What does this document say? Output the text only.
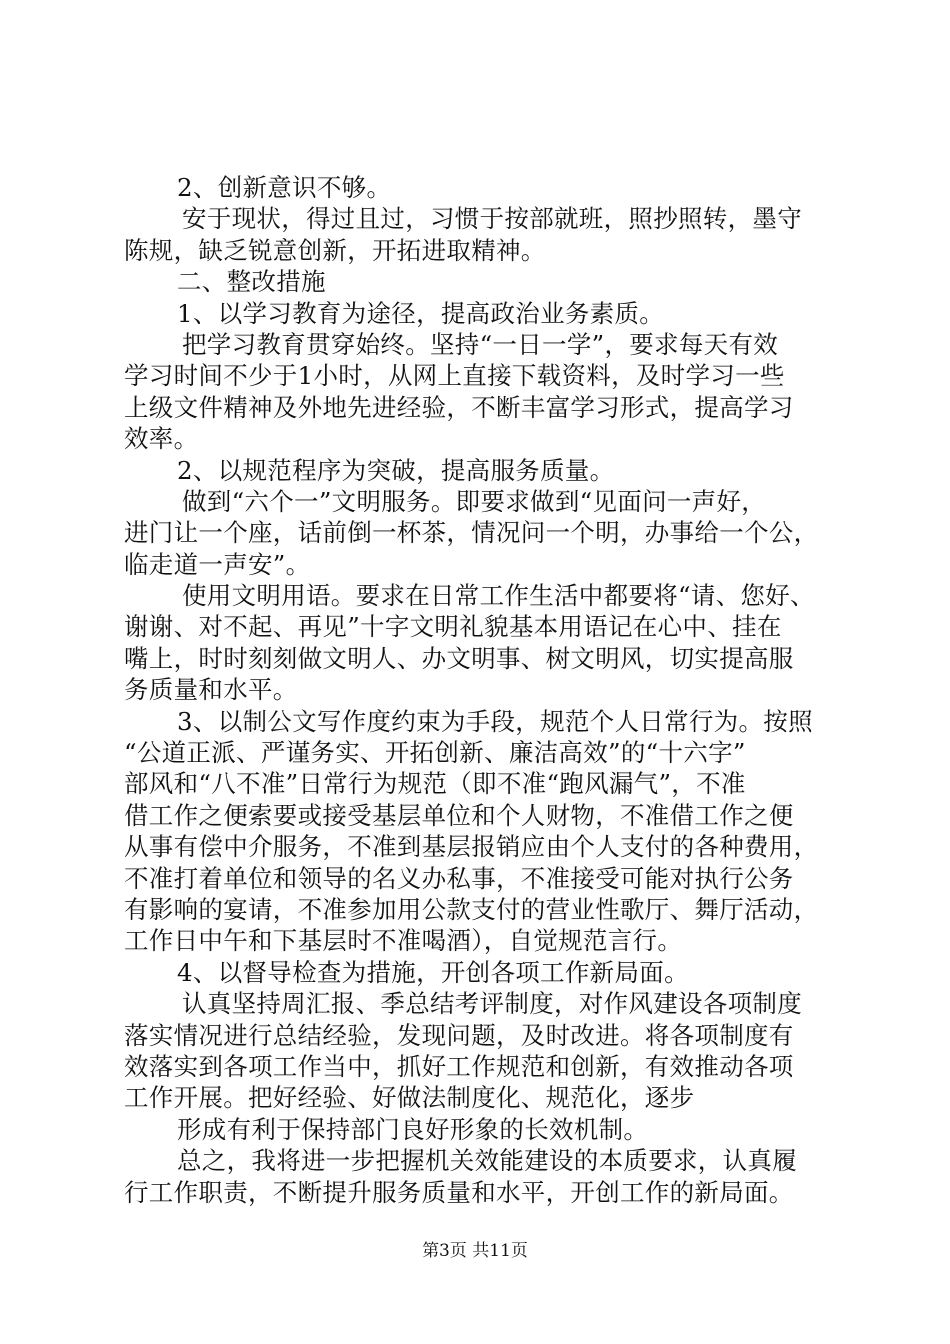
2、创新意识不够。
安于现状，得过且过，习惯于按部就班，照抄照转，墨守
陈规，缺乏锐意创新，开拓进取精神。
二、整改措施
1、以学习教育为途径，提高政治业务素质。
把学习教育贯穿始终。坚持“一日一学”，要求每天有效
学习时间不少于1小时，从网上直接下载资料，及时学习一些
上级文件精神及外地先进经验，不断丰富学习形式，提高学习
效率。
2、以规范程序为突破，提高服务质量。
做到“六个一”文明服务。即要求做到“见面问一声好，
进门让一个座，话前倒一杯茶，情况问一个明，办事给一个公，
临走道一声安”。
使用文明用语。要求在日常工作生活中都要将“请、您好、
谢谢、对不起、再见”十字文明礼貌基本用语记在心中、挂在
嘴上，时时刻刻做文明人、办文明事、树文明风，切实提高服
务质量和水平。
3、以制公文写作度约束为手段，规范个人日常行为。按照
“公道正派、严谨务实、开拓创新、廉洁高效”的“十六字”
部风和“八不准”日常行为规范（即不准“跑风漏气”，不准
借工作之便索要或接受基层单位和个人财物，不准借工作之便
从事有偿中介服务，不准到基层报销应由个人支付的各种费用，
不准打着单位和领导的名义办私事，不准接受可能对执行公务
有影响的宴请，不准参加用公款支付的营业性歌厅、舞厅活动，
工作日中午和下基层时不准喝酒），自觉规范言行。
4、以督导检查为措施，开创各项工作新局面。
认真坚持周汇报、季总结考评制度，对作风建设各项制度
落实情况进行总结经验，发现问题，及时改进。将各项制度有
效落实到各项工作当中，抓好工作规范和创新，有效推动各项
工作开展。把好经验、好做法制度化、规范化，逐步
形成有利于保持部门良好形象的长效机制。
总之，我将进一步把握机关效能建设的本质要求，认真履
行工作职责，不断提升服务质量和水平，开创工作的新局面。
第3页 共11页
